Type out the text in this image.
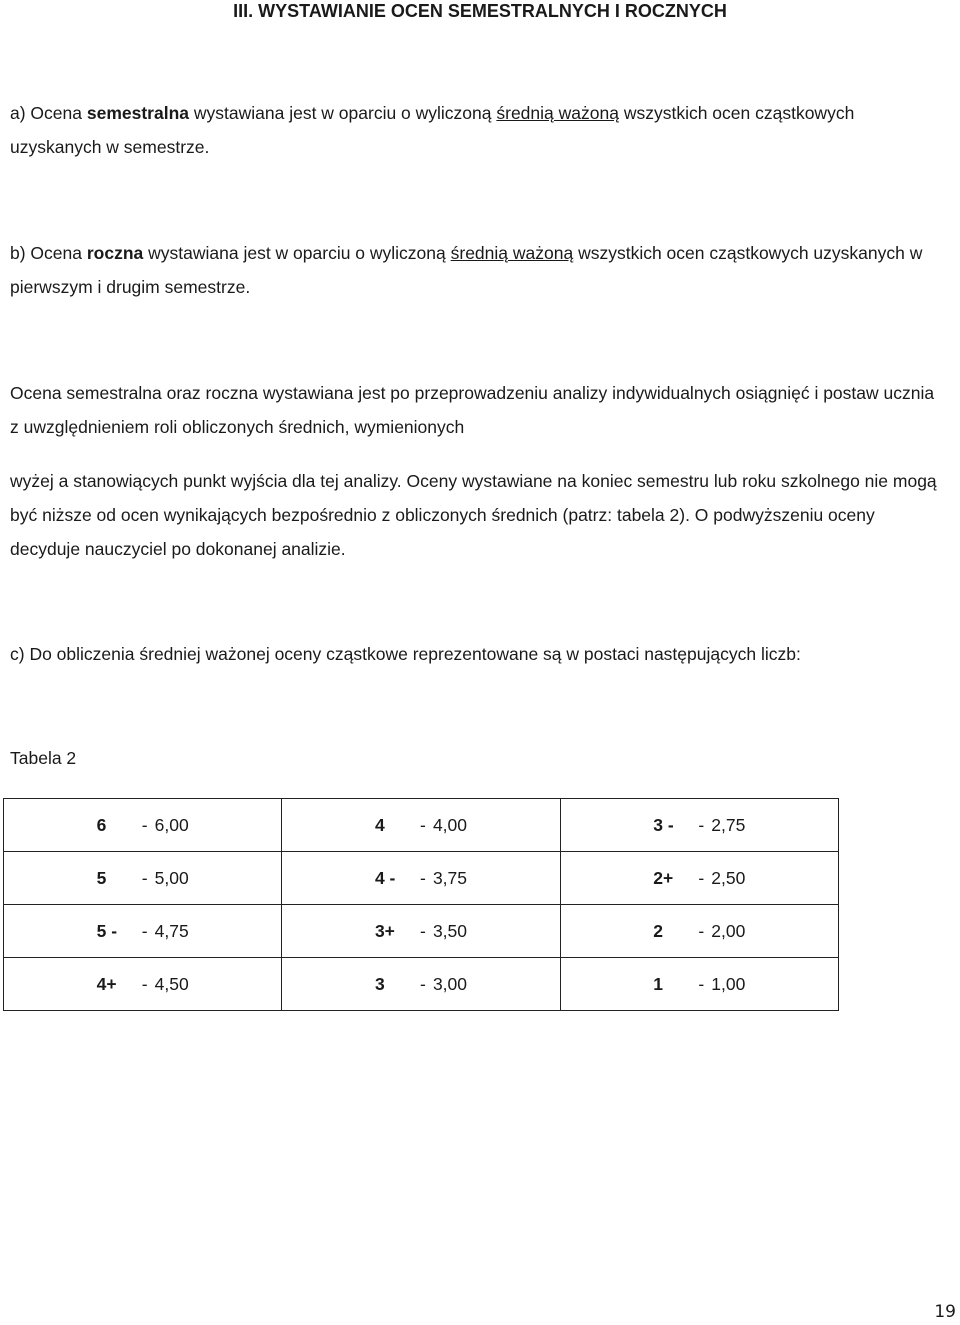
III. WYSTAWIANIE OCEN SEMESTRALNYCH I ROCZNYCH

a) Ocena semestralna wystawiana jest w oparciu o wyliczoną średnią ważoną wszystkich ocen cząstkowych uzyskanych w semestrze.

b) Ocena roczna wystawiana jest w oparciu o wyliczoną średnią ważoną wszystkich ocen cząstkowych uzyskanych w pierwszym i drugim semestrze.

Ocena semestralna oraz roczna wystawiana jest po przeprowadzeniu analizy indywidualnych osiągnięć i postaw ucznia z uwzględnieniem roli obliczonych średnich, wymienionych

wyżej a stanowiących punkt wyjścia dla tej analizy. Oceny wystawiane na koniec semestru lub roku szkolnego nie mogą być niższe od ocen wynikających bezpośrednio z obliczonych średnich (patrz: tabela 2). O podwyższeniu oceny decyduje nauczyciel po dokonanej analizie.

c) Do obliczenia średniej ważonej oceny cząstkowe reprezentowane są w postaci następujących liczb:

Tabela 2
6 - 6,00	4 - 4,00	3 - - 2,75

5 - 5,00	4 - - 3,75	2+ - 2,50

5 - - 4,75	3+ - 3,50	2 - 2,00

4+ - 4,50	3 - 3,00	1 - 1,00
19
